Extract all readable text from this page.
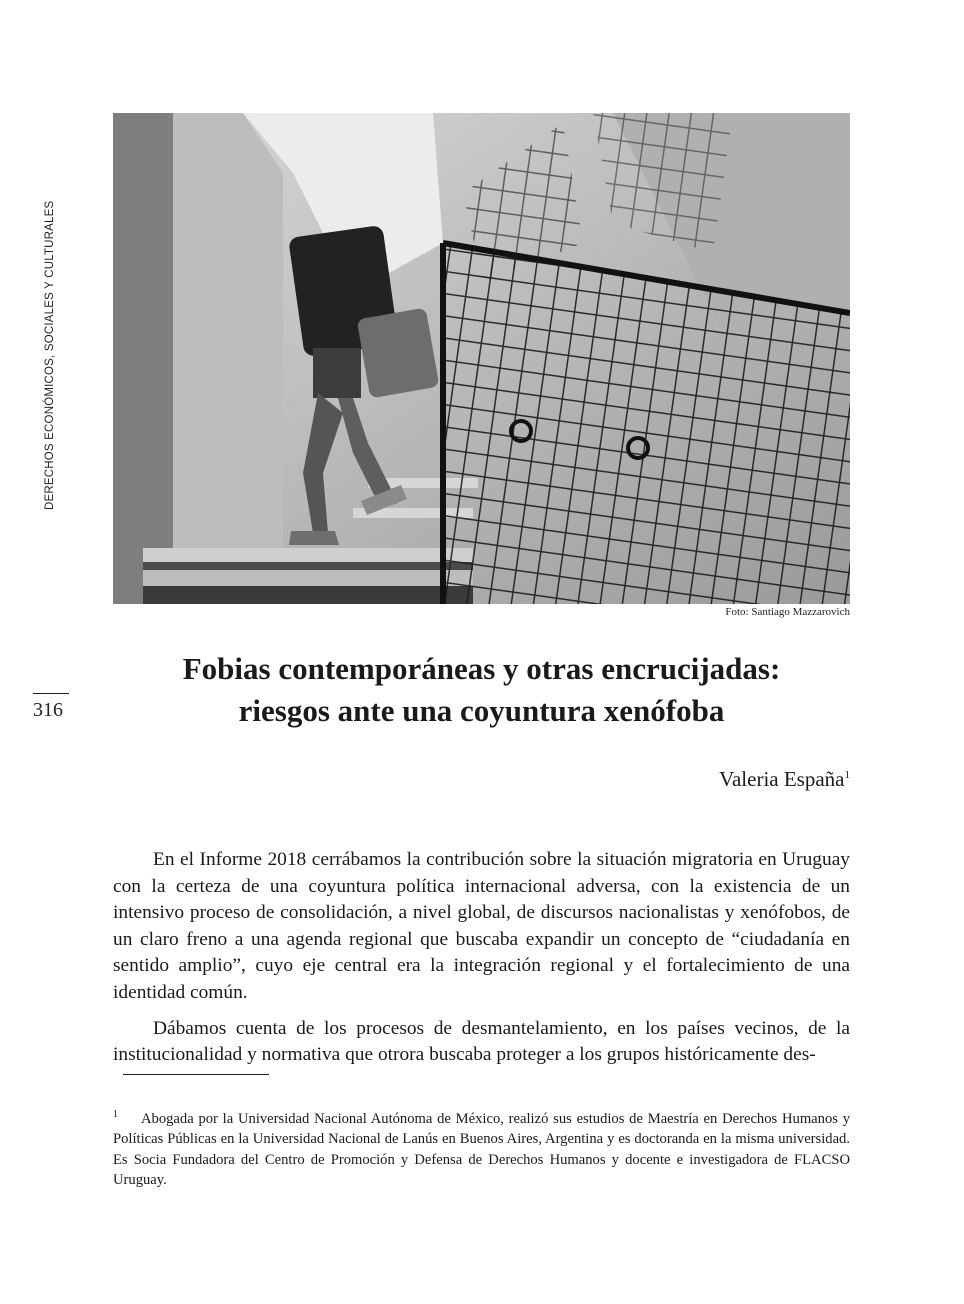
DERECHOS ECONÓMICOS, SOCIALES Y CULTURALES
316
Foto: Santiago Mazzarovich
Fobias contemporáneas y otras encrucijadas:
riesgos ante una coyuntura xenófoba
Valeria España$^1$

En el Informe 2018 cerrábamos la contribución sobre la situación migratoria en Uruguay con la certeza de una coyuntura política internacional adversa, con la existencia de un intensivo proceso de consolidación, a nivel global, de discursos nacionalistas y xenófobos, de un claro freno a una agenda regional que buscaba expandir un concepto de “ciudadanía en sentido amplio”, cuyo eje central era la integración regional y el fortalecimiento de una identidad común.

Dábamos cuenta de los procesos de desmantelamiento, en los países vecinos, de la institucionalidad y normativa que otrora buscaba proteger a los grupos históricamente des-

1 Abogada por la Universidad Nacional Autónoma de México, realizó sus estudios de Maestría en Derechos Humanos y Políticas Públicas en la Universidad Nacional de Lanús en Buenos Aires, Argentina y es doctoranda en la misma universidad. Es Socia Fundadora del Centro de Promoción y Defensa de Derechos Humanos y docente e investigadora de FLACSO Uruguay.
